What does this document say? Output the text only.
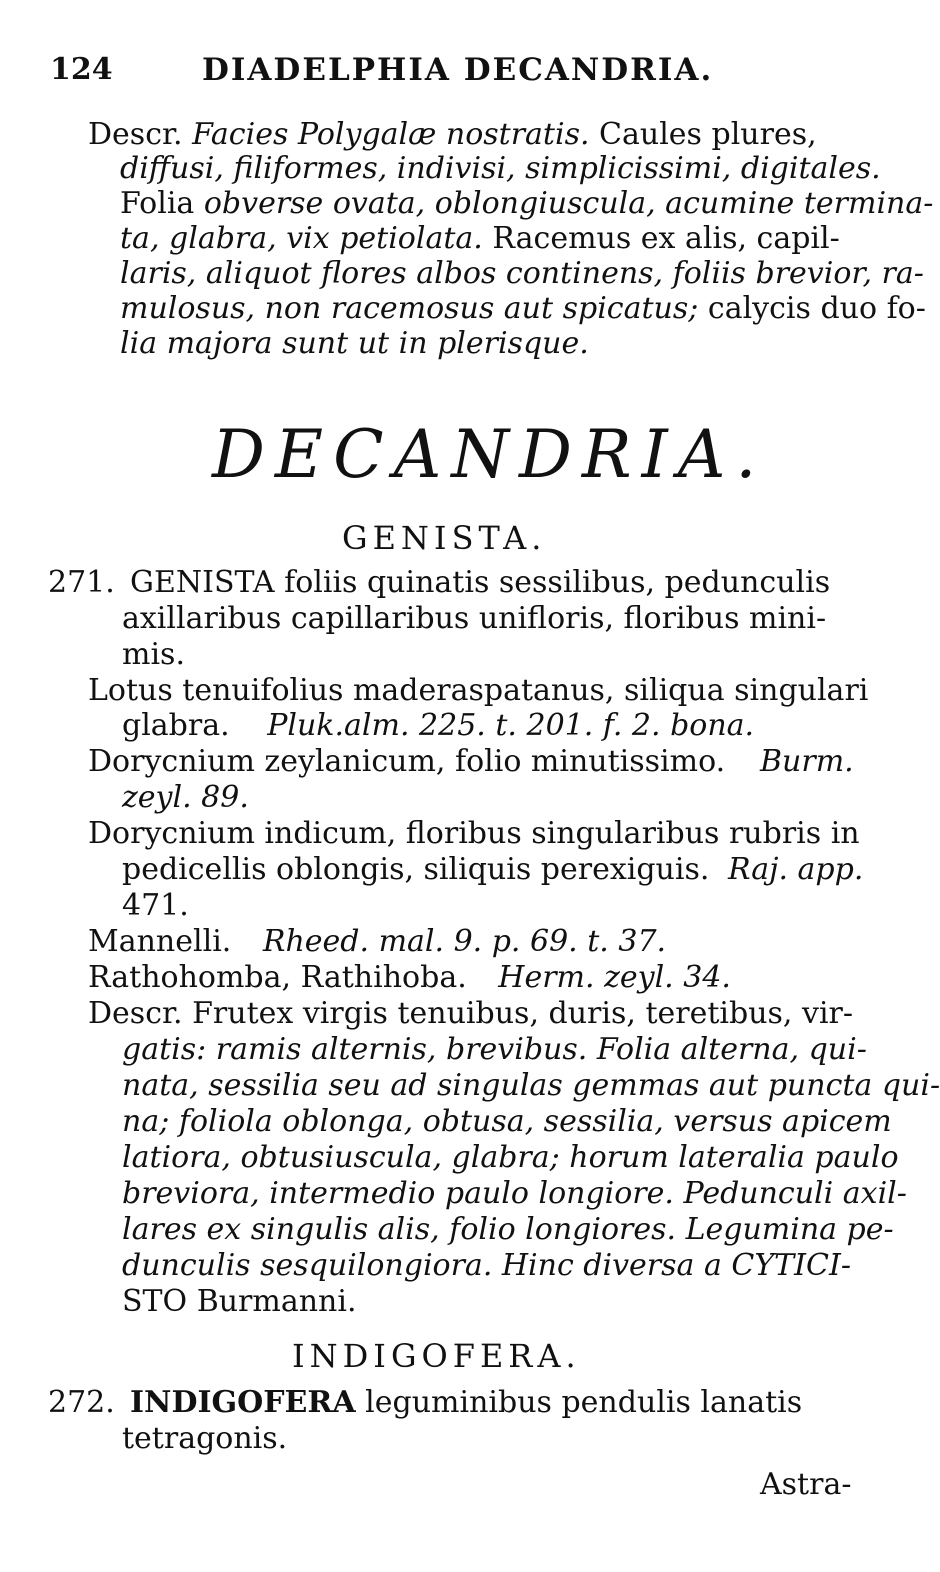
124	DIADELPHIA DECANDRIA.
Descr. Facies Polygalæ nostratis. Caules plures,
diffusi, filiformes, indivisi, simplicissimi, digitales.
Folia obverse ovata, oblongiuscula, acumine termina-
ta, glabra, vix petiolata. Racemus ex alis, capil-
laris, aliquot flores albos continens, foliis brevior, ra-
mulosus, non racemosus aut spicatus; calycis duo fo-
lia majora sunt ut in plerisque.
DECANDRIA.
GENISTA.
271. GENISTA foliis quinatis sessilibus, pedunculis
axillaribus capillaribus unifloris, floribus mini-
mis.
Lotus tenuifolius maderaspatanus, siliqua singulari
glabra. Pluk.alm. 225. t. 201. f. 2. bona.
Dorycnium zeylanicum, folio minutissimo. Burm.
zeyl. 89.
Dorycnium indicum, floribus singularibus rubris in
pedicellis oblongis, siliquis perexiguis. Raj. app.
471.
Mannelli. Rheed. mal. 9. p. 69. t. 37.
Rathohomba, Rathihoba. Herm. zeyl. 34.
Descr. Frutex virgis tenuibus, duris, teretibus, vir-
gatis: ramis alternis, brevibus. Folia alterna, qui-
nata, sessilia seu ad singulas gemmas aut puncta qui-
na; foliola oblonga, obtusa, sessilia, versus apicem
latiora, obtusiuscula, glabra; horum lateralia paulo
breviora, intermedio paulo longiore. Pedunculi axil-
lares ex singulis alis, folio longiores. Legumina pe-
dunculis sesquilongiora. Hinc diversa a CYTICI-
STO Burmanni.
INDIGOFERA.
272. INDIGOFERA leguminibus pendulis lanatis
tetragonis.
Astra-
